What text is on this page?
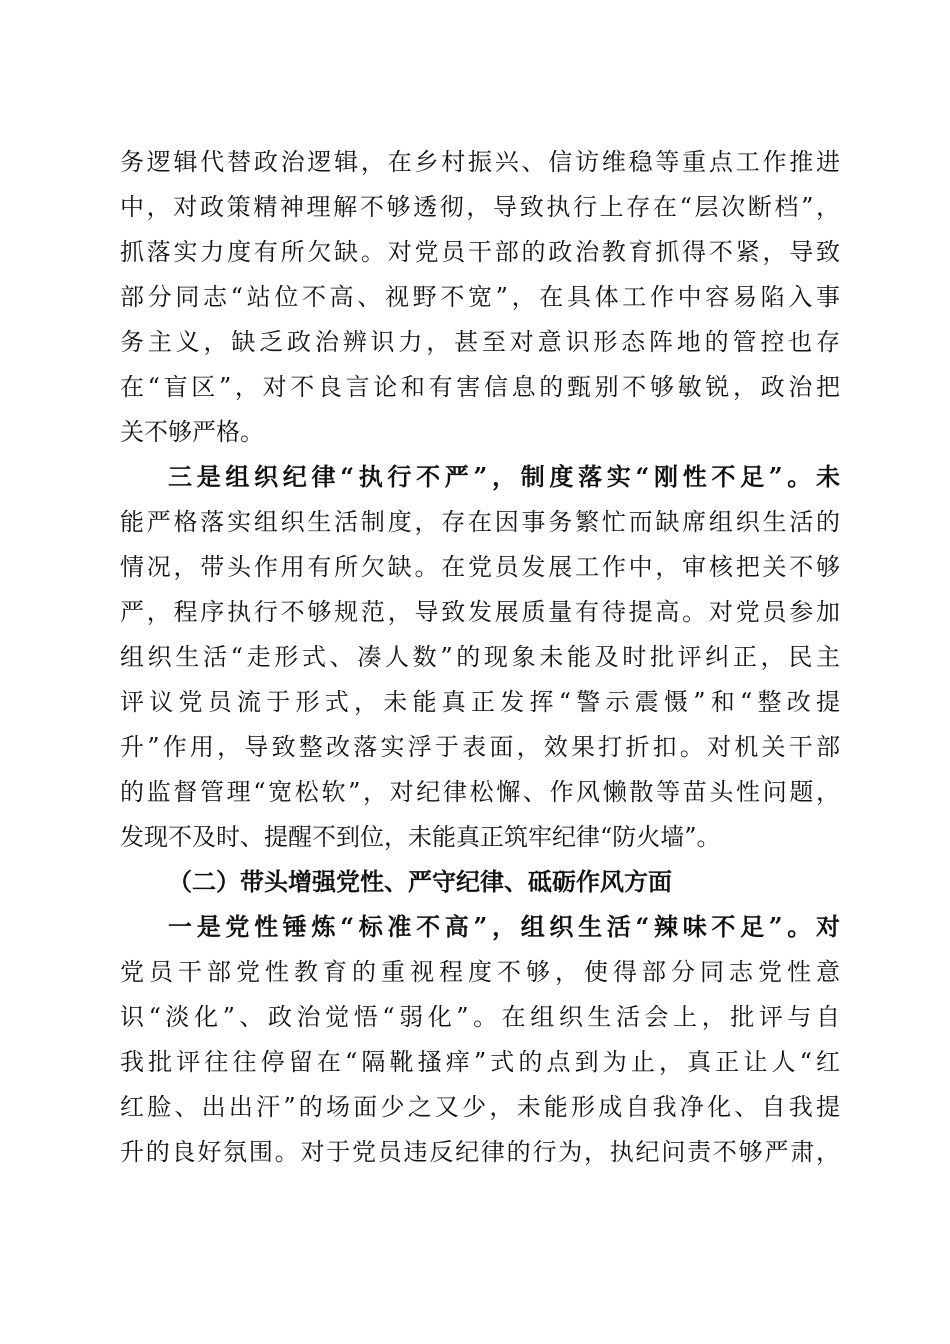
务逻辑代替政治逻辑，在乡村振兴、信访维稳等重点工作推进
中，对政策精神理解不够透彻，导致执行上存在“层次断档”，
抓落实力度有所欠缺。对党员干部的政治教育抓得不紧，导致
部分同志“站位不高、视野不宽”，在具体工作中容易陷入事
务主义，缺乏政治辨识力，甚至对意识形态阵地的管控也存
在“盲区”，对不良言论和有害信息的甄别不够敏锐，政治把
关不够严格。
三是组织纪律“执行不严”，制度落实“刚性不足”。未
能严格落实组织生活制度，存在因事务繁忙而缺席组织生活的
情况，带头作用有所欠缺。在党员发展工作中，审核把关不够
严，程序执行不够规范，导致发展质量有待提高。对党员参加
组织生活“走形式、凑人数”的现象未能及时批评纠正，民主
评议党员流于形式，未能真正发挥“警示震慑”和“整改提
升”作用，导致整改落实浮于表面，效果打折扣。对机关干部
的监督管理“宽松软”，对纪律松懈、作风懒散等苗头性问题，
发现不及时、提醒不到位，未能真正筑牢纪律“防火墙”。
（二）带头增强党性、严守纪律、砥砺作风方面
一是党性锤炼“标准不高”，组织生活“辣味不足”。对
党员干部党性教育的重视程度不够，使得部分同志党性意
识“淡化”、政治觉悟“弱化”。在组织生活会上，批评与自
我批评往往停留在“隔靴搔痒”式的点到为止，真正让人“红
红脸、出出汗”的场面少之又少，未能形成自我净化、自我提
升的良好氛围。对于党员违反纪律的行为，执纪问责不够严肃，
